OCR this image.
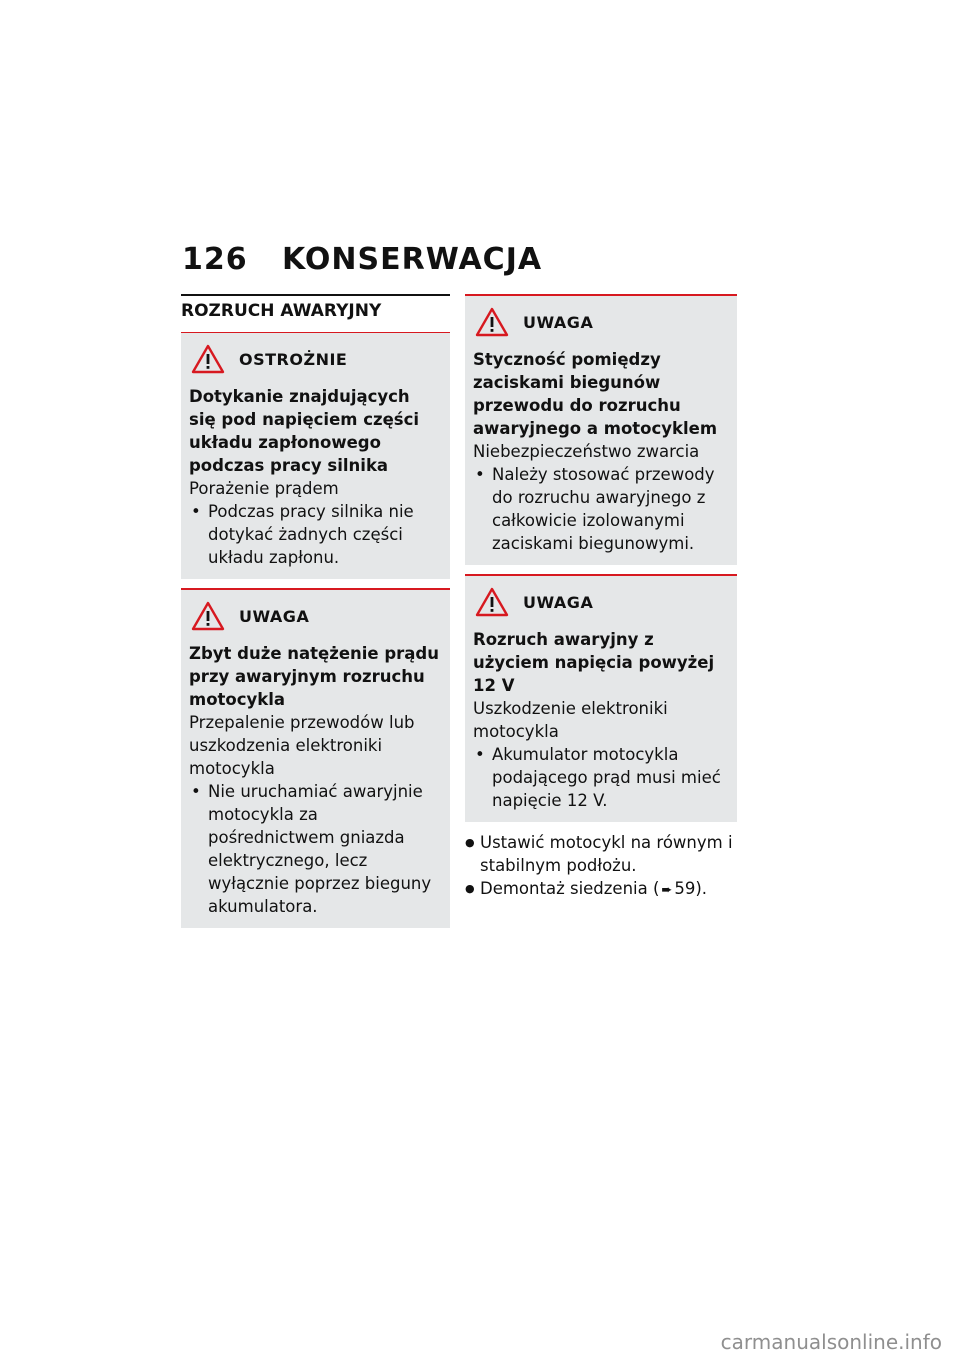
126 KONSERWACJA
ROZRUCH AWARYJNY
OSTROŻNIE
Dotykanie znajdujących się pod napięciem części układu zapłonowego podczas pracy silnika
Porażenie prądem
• Podczas pracy silnika nie dotykać żadnych części układu zapłonu.
UWAGA
Zbyt duże natężenie prądu przy awaryjnym rozruchu motocykla
Przepalenie przewodów lub uszkodzenia elektroniki motocykla
• Nie uruchamiać awaryjnie motocykla za pośrednictwem gniazda elektrycznego, lecz wyłącznie poprzez bieguny akumulatora.
UWAGA
Styczność pomiędzy zaciskami biegunów przewodu do rozruchu awaryjnego a motocyklem
Niebezpieczeństwo zwarcia
• Należy stosować przewody do rozruchu awaryjnego z całkowicie izolowanymi zaciskami biegunowymi.
UWAGA
Rozruch awaryjny z użyciem napięcia powyżej 12 V
Uszkodzenie elektroniki motocykla
• Akumulator motocykla podającego prąd musi mieć napięcie 12 V.
● Ustawić motocykl na równym i stabilnym podłożu.
● Demontaż siedzenia ( ➨ 59).
carmanualsonline.info
